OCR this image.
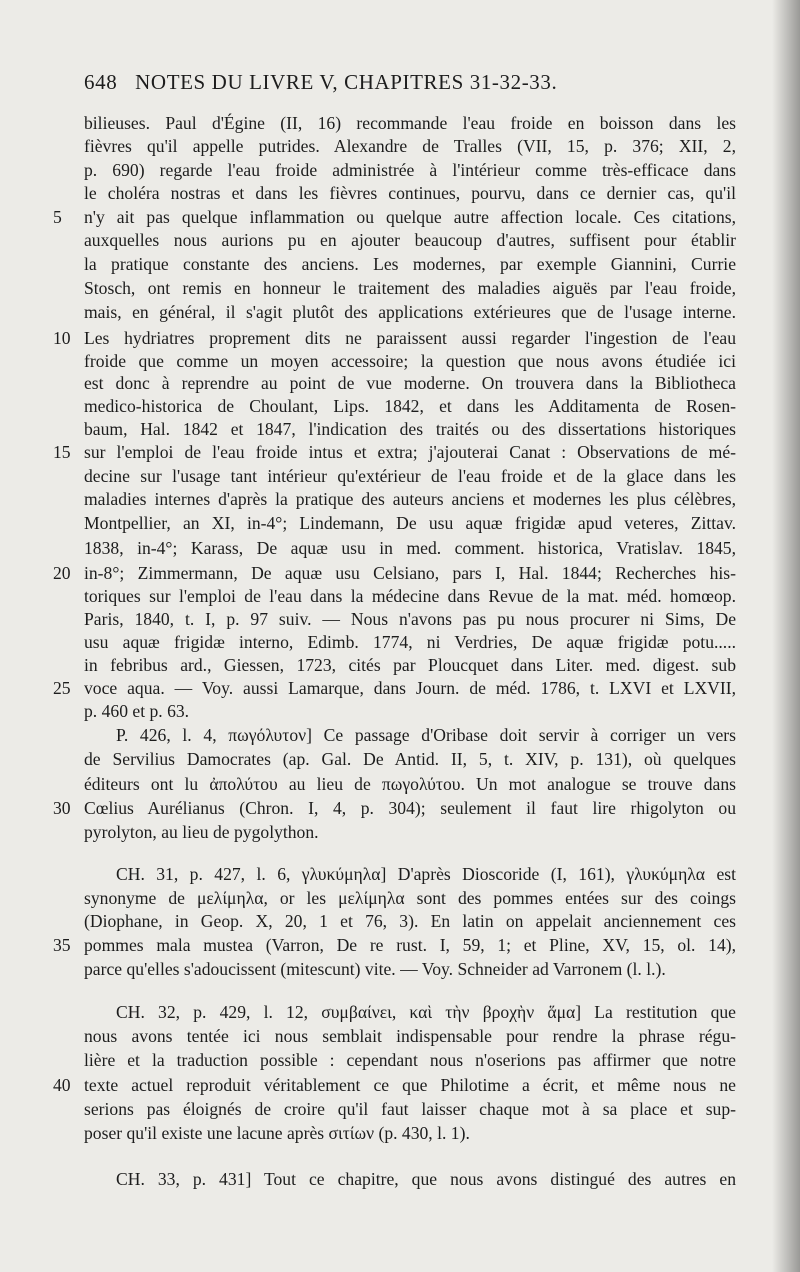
648 NOTES DU LIVRE V, CHAPITRES 31-32-33.
5
10
15
20
25
30
35
40
bilieuses. Paul d'Égine (II, 16) recommande l'eau froide en boisson dans les
fièvres qu'il appelle putrides. Alexandre de Tralles (VII, 15, p. 376; XII, 2,
p. 690) regarde l'eau froide administrée à l'intérieur comme très-efficace dans
le choléra nostras et dans les fièvres continues, pourvu, dans ce dernier cas, qu'il
n'y ait pas quelque inflammation ou quelque autre affection locale. Ces citations,
auxquelles nous aurions pu en ajouter beaucoup d'autres, suffisent pour établir
la pratique constante des anciens. Les modernes, par exemple Giannini, Currie
Stosch, ont remis en honneur le traitement des maladies aiguës par l'eau froide,
mais, en général, il s'agit plutôt des applications extérieures que de l'usage interne.
Les hydriatres proprement dits ne paraissent aussi regarder l'ingestion de l'eau
froide que comme un moyen accessoire; la question que nous avons étudiée ici
est donc à reprendre au point de vue moderne. On trouvera dans la Bibliotheca
medico-historica de Choulant, Lips. 1842, et dans les Additamenta de Rosen-
baum, Hal. 1842 et 1847, l'indication des traités ou des dissertations historiques
sur l'emploi de l'eau froide intus et extra; j'ajouterai Canat : Observations de mé-
decine sur l'usage tant intérieur qu'extérieur de l'eau froide et de la glace dans les
maladies internes d'après la pratique des auteurs anciens et modernes les plus célèbres,
Montpellier, an XI, in-4°; Lindemann, De usu aquæ frigidæ apud veteres, Zittav.
1838, in-4°; Karass, De aquæ usu in med. comment. historica, Vratislav. 1845,
in-8°; Zimmermann, De aquæ usu Celsiano, pars I, Hal. 1844; Recherches his-
toriques sur l'emploi de l'eau dans la médecine dans Revue de la mat. méd. homœop.
Paris, 1840, t. I, p. 97 suiv. — Nous n'avons pas pu nous procurer ni Sims, De
usu aquæ frigidæ interno, Edimb. 1774, ni Verdries, De aquæ frigidæ potu.....
in febribus ard., Giessen, 1723, cités par Ploucquet dans Liter. med. digest. sub
voce aqua. — Voy. aussi Lamarque, dans Journ. de méd. 1786, t. LXVI et LXVII,
p. 460 et p. 63.
P. 426, l. 4, πωγόλυτον] Ce passage d'Oribase doit servir à corriger un vers
de Servilius Damocrates (ap. Gal. De Antid. II, 5, t. XIV, p. 131), où quelques
éditeurs ont lu ἀπολύτου au lieu de πωγολύτου. Un mot analogue se trouve dans
Cœlius Aurélianus (Chron. I, 4, p. 304); seulement il faut lire rhigolyton ou
pyrolyton, au lieu de pygolython.
CH. 31, p. 427, l. 6, γλυκύμηλα] D'après Dioscoride (I, 161), γλυκύμηλα est
synonyme de μελίμηλα, or les μελίμηλα sont des pommes entées sur des coings
(Diophane, in Geop. X, 20, 1 et 76, 3). En latin on appelait anciennement ces
pommes mala mustea (Varron, De re rust. I, 59, 1; et Pline, XV, 15, ol. 14),
parce qu'elles s'adoucissent (mitescunt) vite. — Voy. Schneider ad Varronem (l. l.).
CH. 32, p. 429, l. 12, συμβαίνει, καὶ τὴν βροχὴν ἅμα] La restitution que
nous avons tentée ici nous semblait indispensable pour rendre la phrase régu-
lière et la traduction possible : cependant nous n'oserions pas affirmer que notre
texte actuel reproduit véritablement ce que Philotime a écrit, et même nous ne
serions pas éloignés de croire qu'il faut laisser chaque mot à sa place et sup-
poser qu'il existe une lacune après σιτίων (p. 430, l. 1).
CH. 33, p. 431] Tout ce chapitre, que nous avons distingué des autres en
